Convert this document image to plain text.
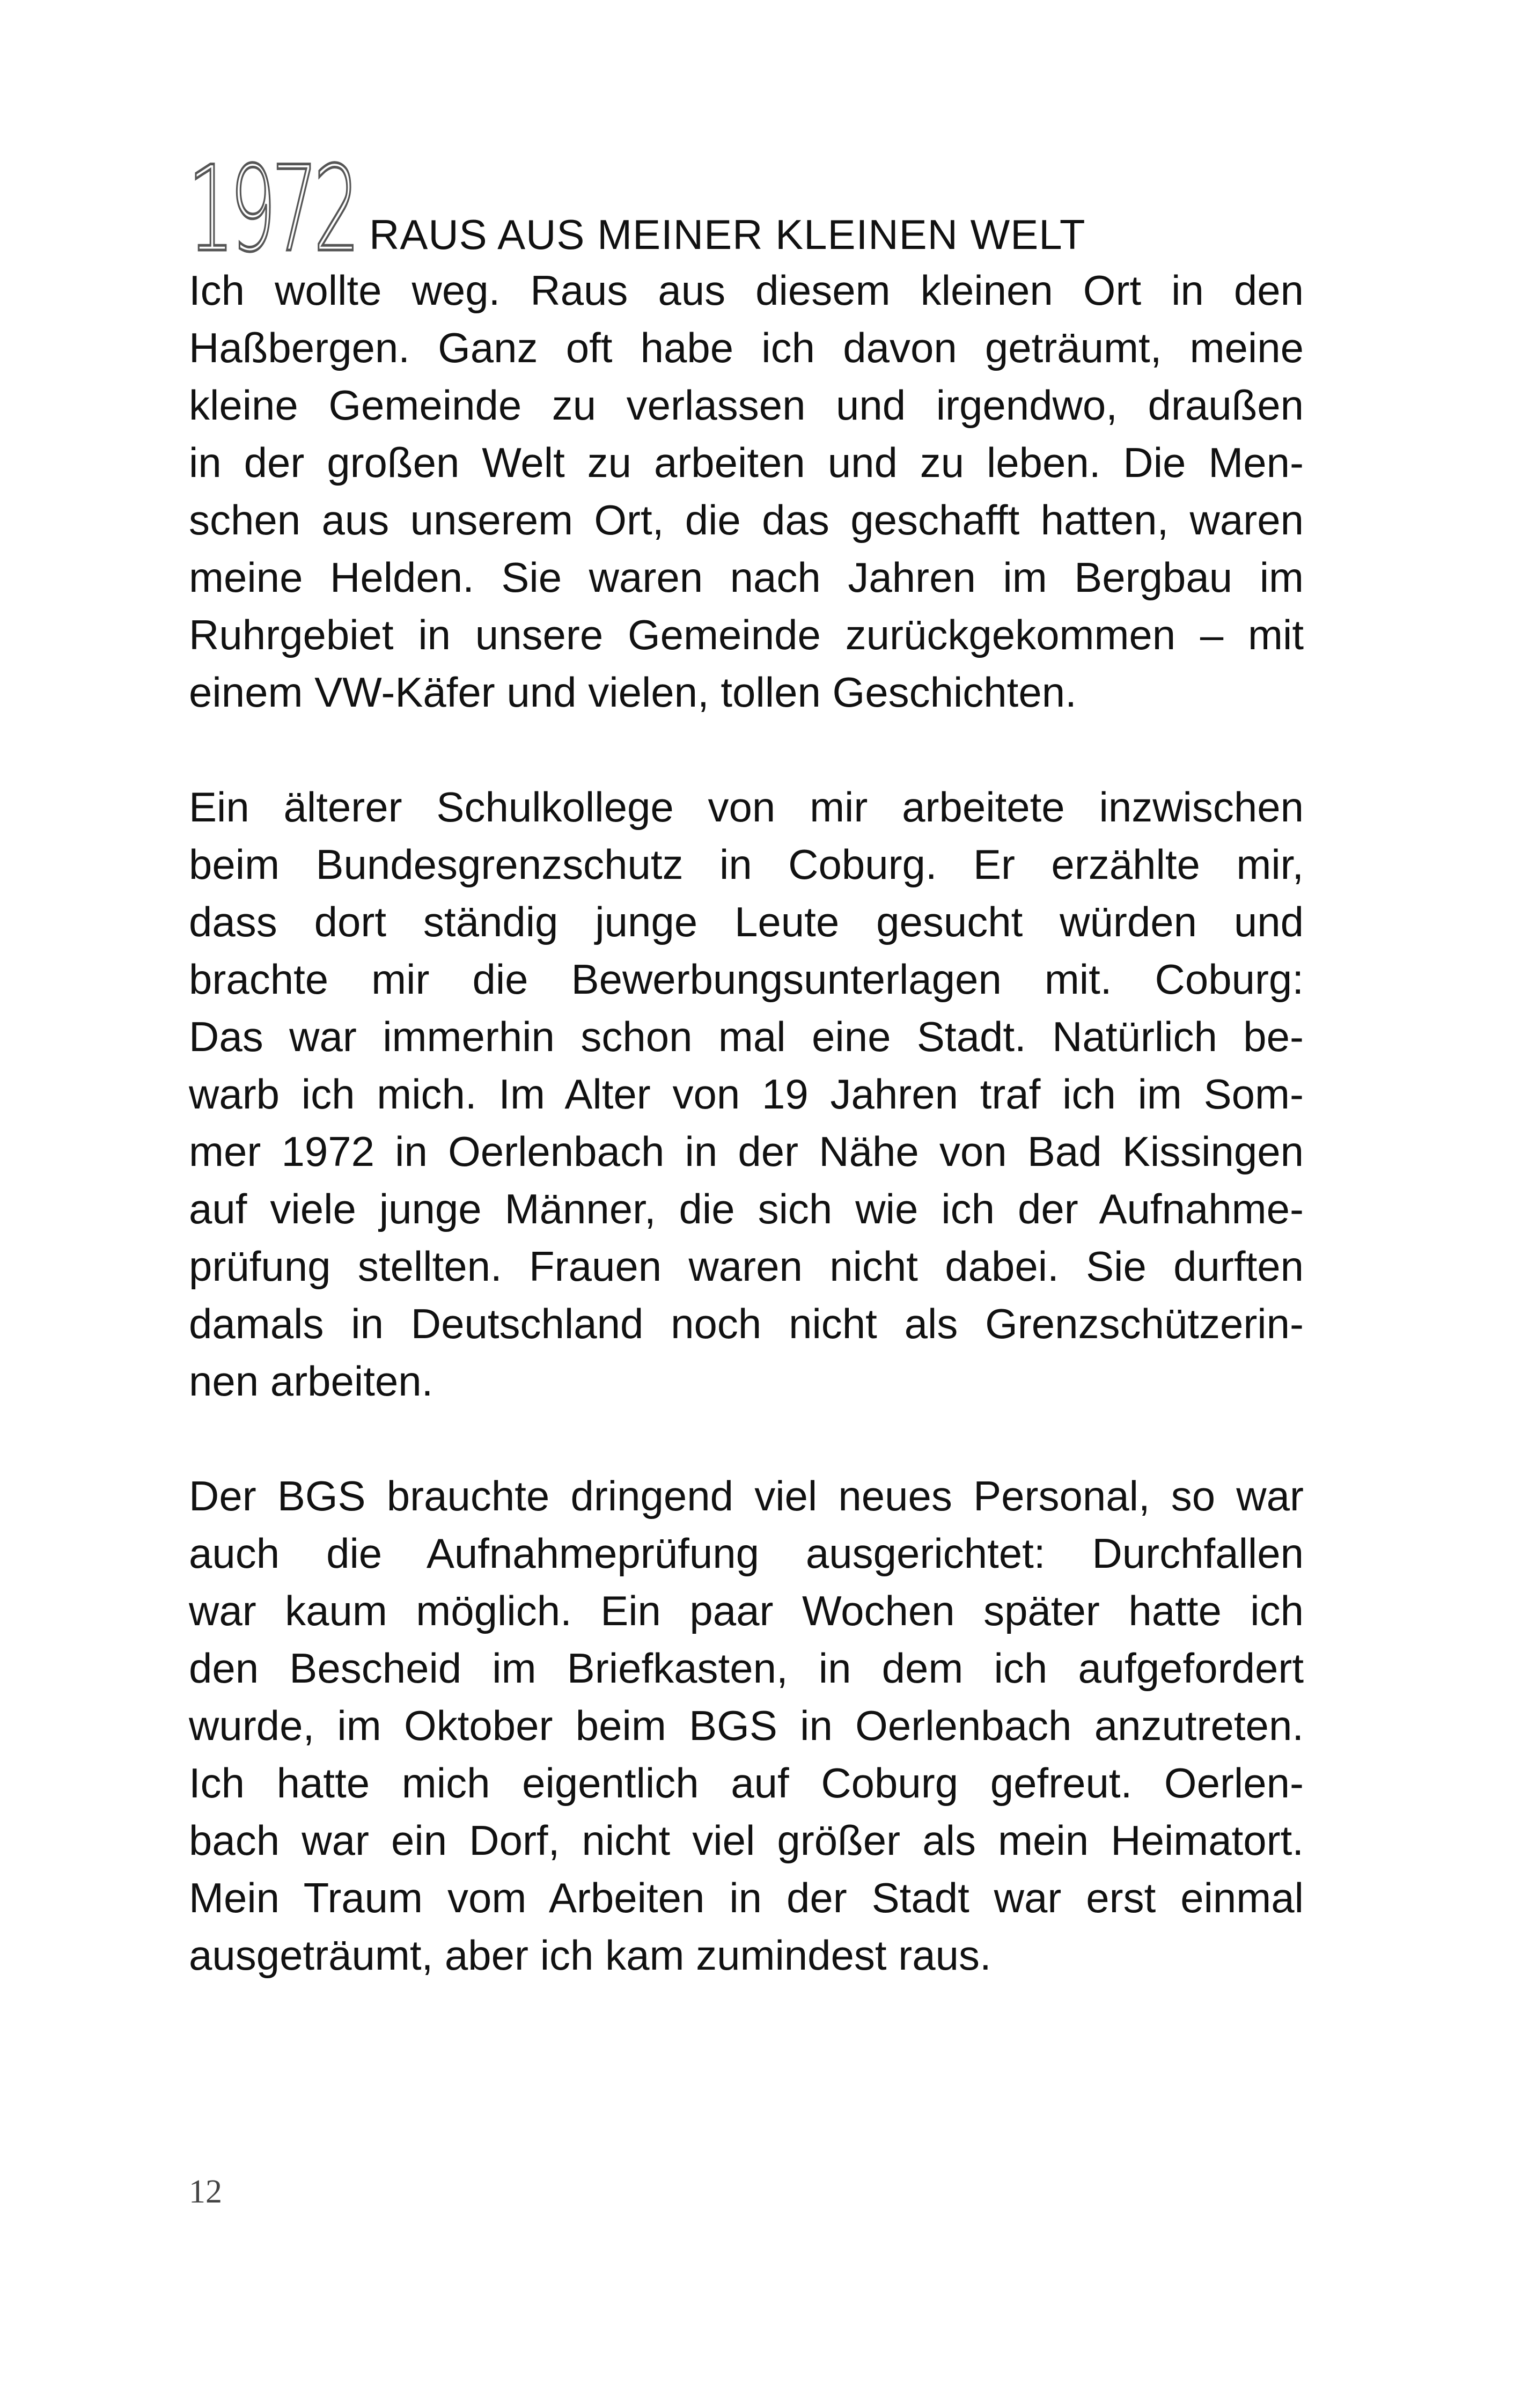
1972 RAUS AUS MEINER KLEINEN WELT
Ich wollte weg. Raus aus diesem kleinen Ort in den
Haßbergen. Ganz oft habe ich davon geträumt, meine
kleine Gemeinde zu verlassen und irgendwo, draußen
in der großen Welt zu arbeiten und zu leben. Die Men-
schen aus unserem Ort, die das geschafft hatten, waren
meine Helden. Sie waren nach Jahren im Bergbau im
Ruhrgebiet in unsere Gemeinde zurückgekommen – mit
einem VW-Käfer und vielen, tollen Geschichten.
Ein älterer Schulkollege von mir arbeitete inzwischen
beim Bundesgrenzschutz in Coburg. Er erzählte mir,
dass dort ständig junge Leute gesucht würden und
brachte mir die Bewerbungsunterlagen mit. Coburg:
Das war immerhin schon mal eine Stadt. Natürlich be-
warb ich mich. Im Alter von 19 Jahren traf ich im Som-
mer 1972 in Oerlenbach in der Nähe von Bad Kissingen
auf viele junge Männer, die sich wie ich der Aufnahme-
prüfung stellten. Frauen waren nicht dabei. Sie durften
damals in Deutschland noch nicht als Grenzschützerin-
nen arbeiten.
Der BGS brauchte dringend viel neues Personal, so war
auch die Aufnahmeprüfung ausgerichtet: Durchfallen
war kaum möglich. Ein paar Wochen später hatte ich
den Bescheid im Briefkasten, in dem ich aufgefordert
wurde, im Oktober beim BGS in Oerlenbach anzutreten.
Ich hatte mich eigentlich auf Coburg gefreut. Oerlen-
bach war ein Dorf, nicht viel größer als mein Heimatort.
Mein Traum vom Arbeiten in der Stadt war erst einmal
ausgeträumt, aber ich kam zumindest raus.
12
